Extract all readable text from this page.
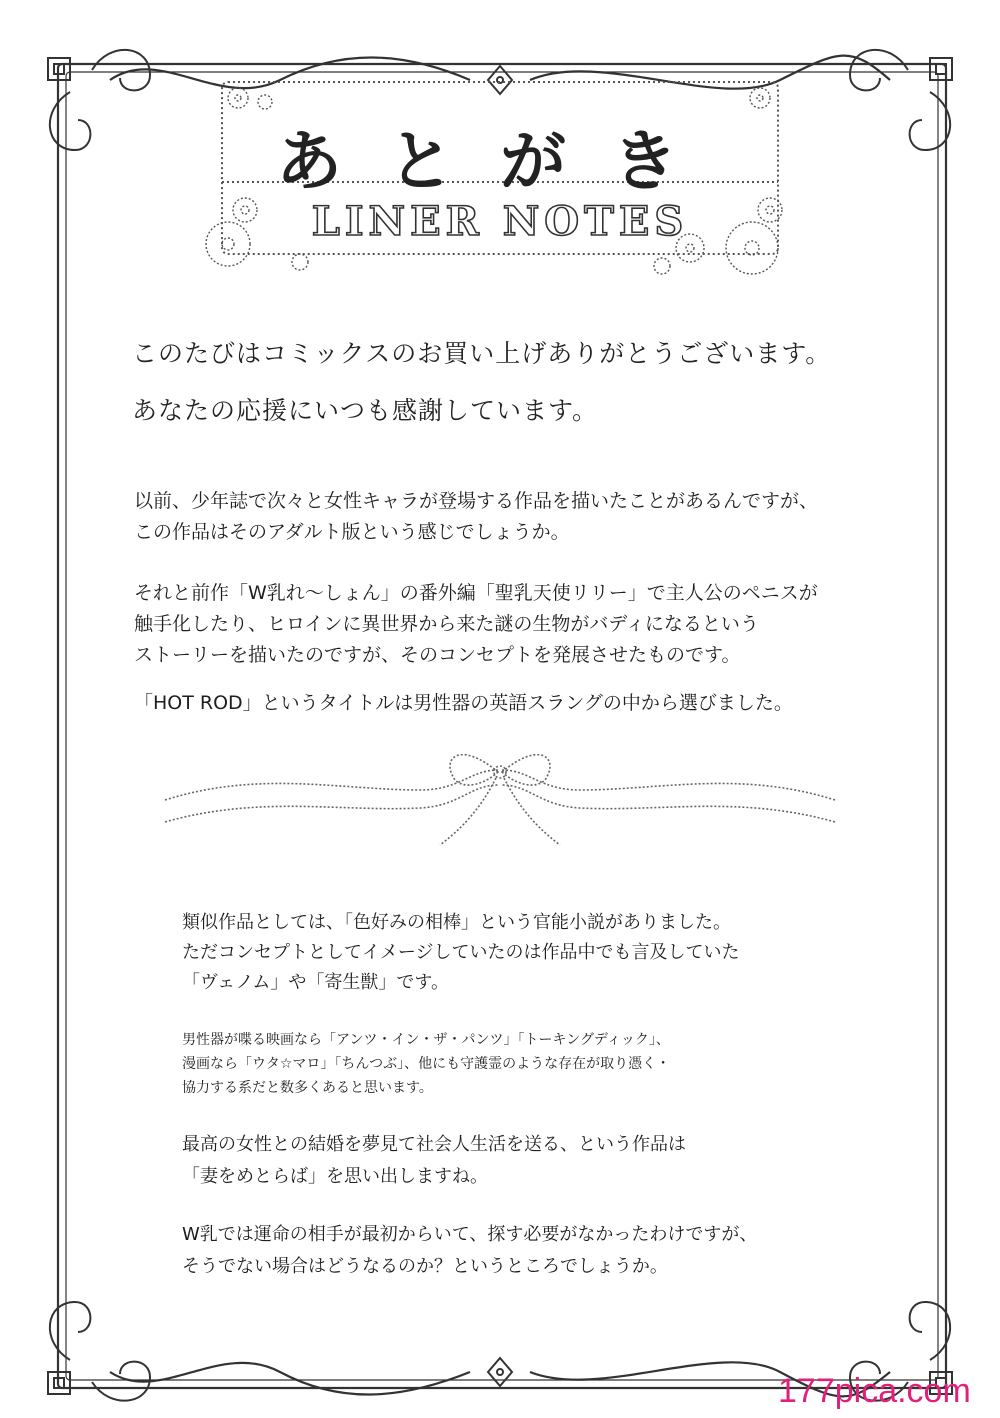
あとがき
LINER NOTES
このたびはコミックスのお買い上げありがとうございます。
あなたの応援にいつも感謝しています。
以前、少年誌で次々と女性キャラが登場する作品を描いたことがあるんですが、
この作品はそのアダルト版という感じでしょうか。
それと前作「W乳れ〜しょん」の番外編「聖乳天使リリー」で主人公のペニスが
触手化したり、ヒロインに異世界から来た謎の生物がバディになるという
ストーリーを描いたのですが、そのコンセプトを発展させたものです。
「HOT ROD」というタイトルは男性器の英語スラングの中から選びました。
類似作品としては、「色好みの相棒」という官能小説がありました。
ただコンセプトとしてイメージしていたのは作品中でも言及していた
「ヴェノム」や「寄生獣」です。
男性器が喋る映画なら「アンツ・イン・ザ・パンツ」「トーキングディック」、
漫画なら「ウタ☆マロ」「ちんつぶ」、他にも守護霊のような存在が取り憑く・
協力する系だと数多くあると思います。
最高の女性との結婚を夢見て社会人生活を送る、という作品は
「妻をめとらば」を思い出しますね。
W乳では運命の相手が最初からいて、探す必要がなかったわけですが、
そうでない場合はどうなるのか？というところでしょうか。
177pica.com
